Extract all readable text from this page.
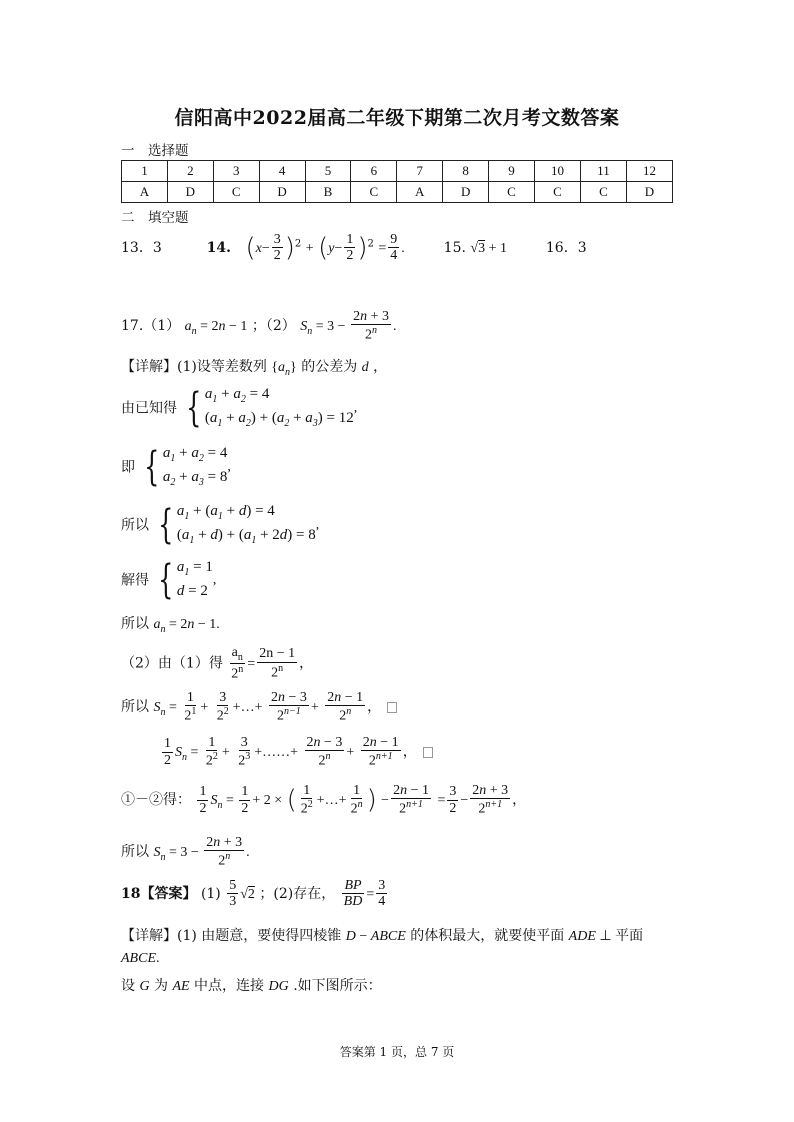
信阳高中2022届高二年级下期第二次月考文数答案
一　选择题
1	2	3	4	5	6	7	8	9	10	11	12
A	D	C	D	B	C	A	D	C	C	C	D
二　填空题
13．3	14. $(x- \frac{3}{2} )^2 + (y- \frac{1}{2} )^2 = \frac{9}{4}$ .	15. √3 + 1	16．3
17.（1） $a_n = 2n - 1$ ；（2） $S_n = 3 - \frac{2n + 3}{2^n}$ .
【详解】(1)设等差数列 $\{a_n\}$ 的公差为 d ，
由已知得 { $a_1 + a_2 = 4$
$(a_1 + a_2) + (a_2 + a_3) = 12$
,
即 { $a_1 + a_2 = 4$
$a_2 + a_3 = 8$
,
所以 { $a_1 + (a_1 + d) = 4$
$(a_1 + d) + (a_1 + 2d) = 8$
,
解得 { $a_1 = 1$
d = 2
,
所以 $a_n = 2n - 1$.
（2）由（1）得 $\frac{a_n}{2^n} = \frac{2n - 1}{2^n}$ ，
所以 $S_n = \frac{1}{2^1} + \frac{3}{2^2}$ +…+ $\frac{2n - 3}{2^{n-1}} + \frac{2n - 1}{2^n}$ ，
$\frac{1}{2} S_n = \frac{1}{2^2} + \frac{3}{2^3}$ +……+ $\frac{2n - 3}{2^n} + \frac{2n - 1}{2^{n+1}}$ ，
①－②得： $\frac{1}{2} S_n = \frac{1}{2} + 2$ × ( $\frac{1}{2^2}$ +…+ $\frac{1}{2^n}$ ) − $\frac{2n - 1}{2^{n+1}} = \frac{3}{2} - \frac{2n + 3}{2^{n+1}}$ ，
所以 $S_n = 3 - \frac{2n + 3}{2^n}$ .
18【答案】 $(1) \frac{5}{3} √2$ ；(2)存在， $\frac{BP}{BD} = \frac{3}{4}$
【详解】(1) 由题意，要使得四棱锥 D − ABCE 的体积最大，就要使平面 ADE ⊥ 平面
ABCE.
设 G 为 AE 中点，连接 DG .如下图所示：
答案第 1 页，总 7 页
